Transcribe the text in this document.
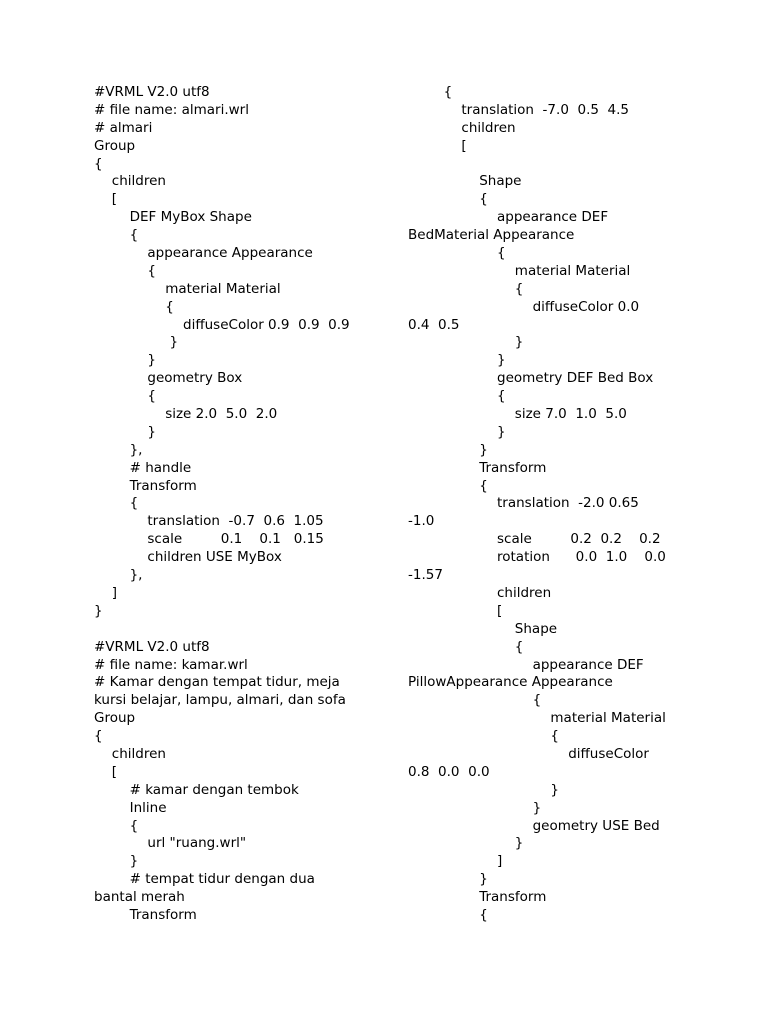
#VRML V2.0 utf8
# file name: almari.wrl
# almari
Group
{
children
[
DEF MyBox Shape
{
appearance Appearance
{
material Material
{
diffuseColor 0.9  0.9  0.9
}
}
geometry Box
{
size 2.0  5.0  2.0
}
},
# handle
Transform
{
translation  -0.7  0.6  1.05
scale         0.1    0.1   0.15
children USE MyBox
},
]
}
#VRML V2.0 utf8
# file name: kamar.wrl
# Kamar dengan tempat tidur, meja
kursi belajar, lampu, almari, dan sofa
Group
{
children
[
# kamar dengan tembok
Inline
{
url "ruang.wrl"
}
# tempat tidur dengan dua
bantal merah
Transform
{
translation  -7.0  0.5  4.5
children
[
Shape
{
appearance DEF
BedMaterial Appearance
{
material Material
{
diffuseColor 0.0
0.4  0.5
}
}
geometry DEF Bed Box
{
size 7.0  1.0  5.0
}
}
Transform
{
translation  -2.0 0.65
-1.0
scale         0.2  0.2    0.2
rotation      0.0  1.0    0.0
-1.57
children
[
Shape
{
appearance DEF
PillowAppearance Appearance
{
material Material
{
diffuseColor
0.8  0.0  0.0
}
}
geometry USE Bed
}
]
}
Transform
{
